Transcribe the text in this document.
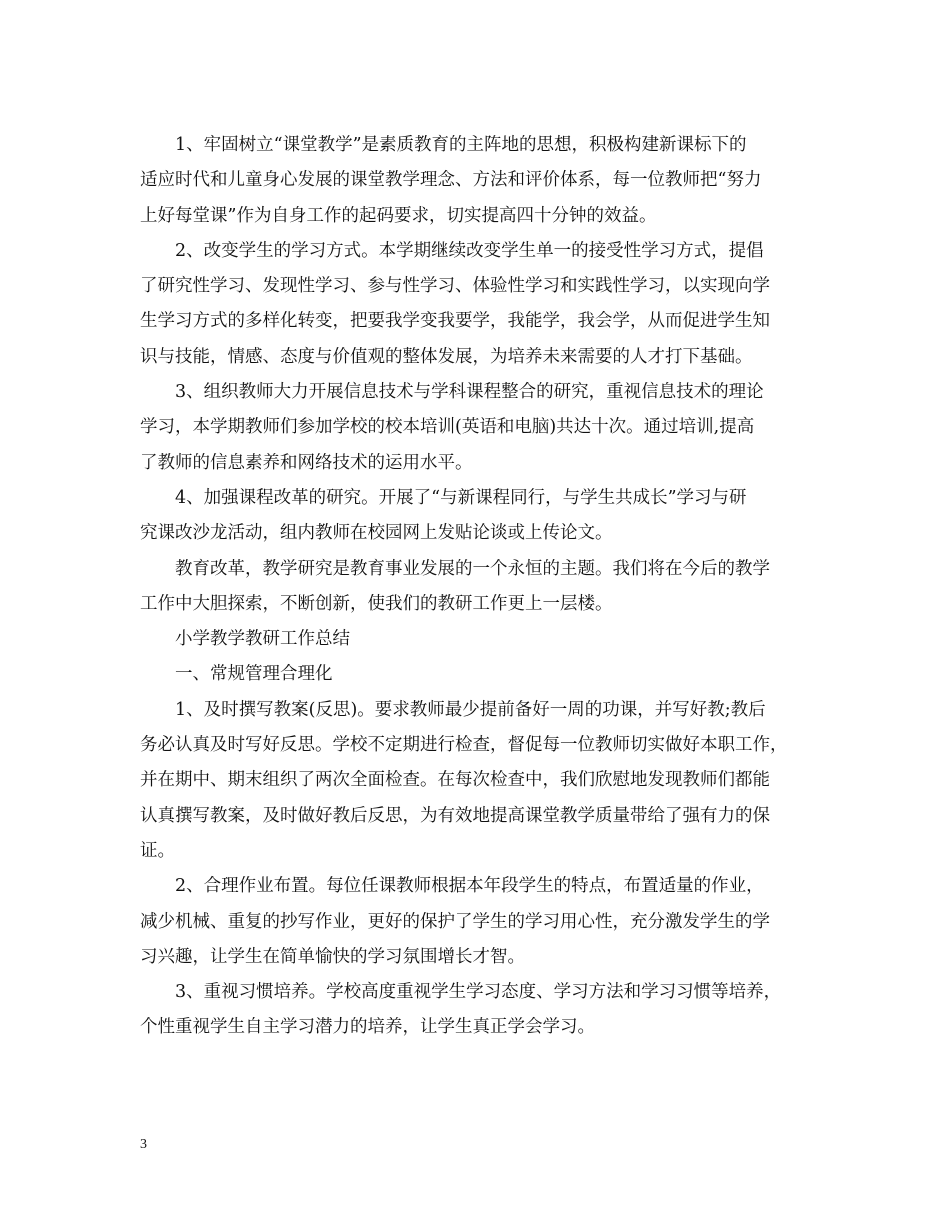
1、牢固树立“课堂教学”是素质教育的主阵地的思想，积极构建新课标下的
适应时代和儿童身心发展的课堂教学理念、方法和评价体系，每一位教师把“努力
上好每堂课”作为自身工作的起码要求，切实提高四十分钟的效益。
2、改变学生的学习方式。本学期继续改变学生单一的接受性学习方式，提倡
了研究性学习、发现性学习、参与性学习、体验性学习和实践性学习，以实现向学
生学习方式的多样化转变，把要我学变我要学，我能学，我会学，从而促进学生知
识与技能，情感、态度与价值观的整体发展，为培养未来需要的人才打下基础。
3、组织教师大力开展信息技术与学科课程整合的研究，重视信息技术的理论
学习，本学期教师们参加学校的校本培训(英语和电脑)共达十次。通过培训,提高
了教师的信息素养和网络技术的运用水平。
4、加强课程改革的研究。开展了“与新课程同行，与学生共成长”学习与研
究课改沙龙活动，组内教师在校园网上发贴论谈或上传论文。
教育改革，教学研究是教育事业发展的一个永恒的主题。我们将在今后的教学
工作中大胆探索，不断创新，使我们的教研工作更上一层楼。
小学教学教研工作总结
一、常规管理合理化
1、及时撰写教案(反思)。要求教师最少提前备好一周的功课，并写好教;教后
务必认真及时写好反思。学校不定期进行检查，督促每一位教师切实做好本职工作，
并在期中、期末组织了两次全面检查。在每次检查中，我们欣慰地发现教师们都能
认真撰写教案，及时做好教后反思，为有效地提高课堂教学质量带给了强有力的保
证。
2、合理作业布置。每位任课教师根据本年段学生的特点，布置适量的作业，
减少机械、重复的抄写作业，更好的保护了学生的学习用心性，充分激发学生的学
习兴趣，让学生在简单愉快的学习氛围增长才智。
3、重视习惯培养。学校高度重视学生学习态度、学习方法和学习习惯等培养，
个性重视学生自主学习潜力的培养，让学生真正学会学习。
3
